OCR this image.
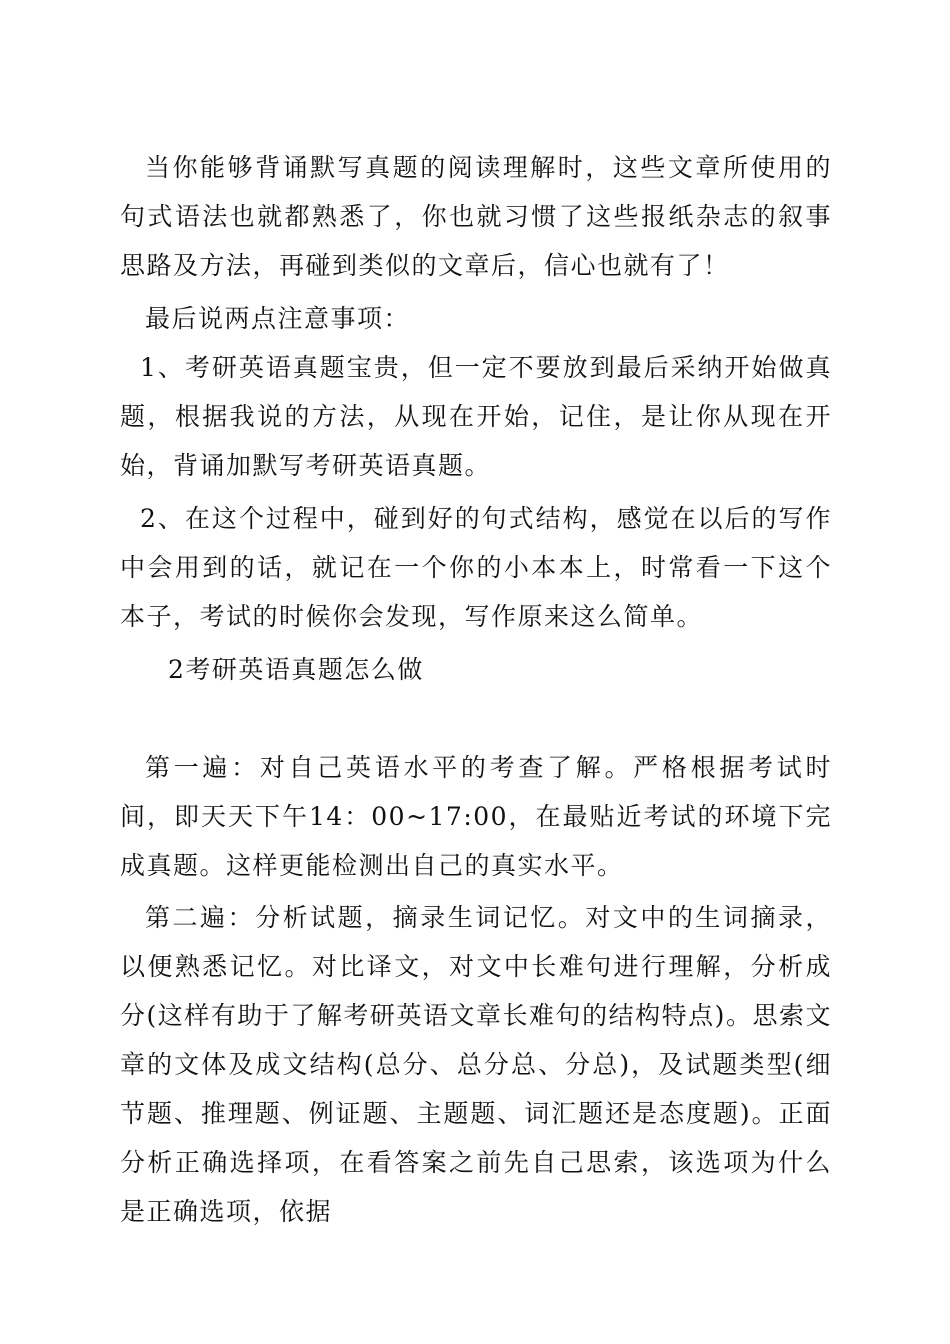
当你能够背诵默写真题的阅读理解时，这些文章所使用的句式语法也就都熟悉了，你也就习惯了这些报纸杂志的叙事思路及方法，再碰到类似的文章后，信心也就有了！

最后说两点注意事项：

1、考研英语真题宝贵，但一定不要放到最后采纳开始做真题，根据我说的方法，从现在开始，记住，是让你从现在开始，背诵加默写考研英语真题。

2、在这个过程中，碰到好的句式结构，感觉在以后的写作中会用到的话，就记在一个你的小本本上，时常看一下这个本子，考试的时候你会发现，写作原来这么简单。

2考研英语真题怎么做

第一遍：对自己英语水平的考查了解。严格根据考试时间，即天天下午14：00~17:00，在最贴近考试的环境下完成真题。这样更能检测出自己的真实水平。

第二遍：分析试题，摘录生词记忆。对文中的生词摘录，以便熟悉记忆。对比译文，对文中长难句进行理解，分析成分(这样有助于了解考研英语文章长难句的结构特点)。思索文章的文体及成文结构(总分、总分总、分总)，及试题类型(细节题、推理题、例证题、主题题、词汇题还是态度题)。正面分析正确选择项，在看答案之前先自己思索，该选项为什么是正确选项，依据
